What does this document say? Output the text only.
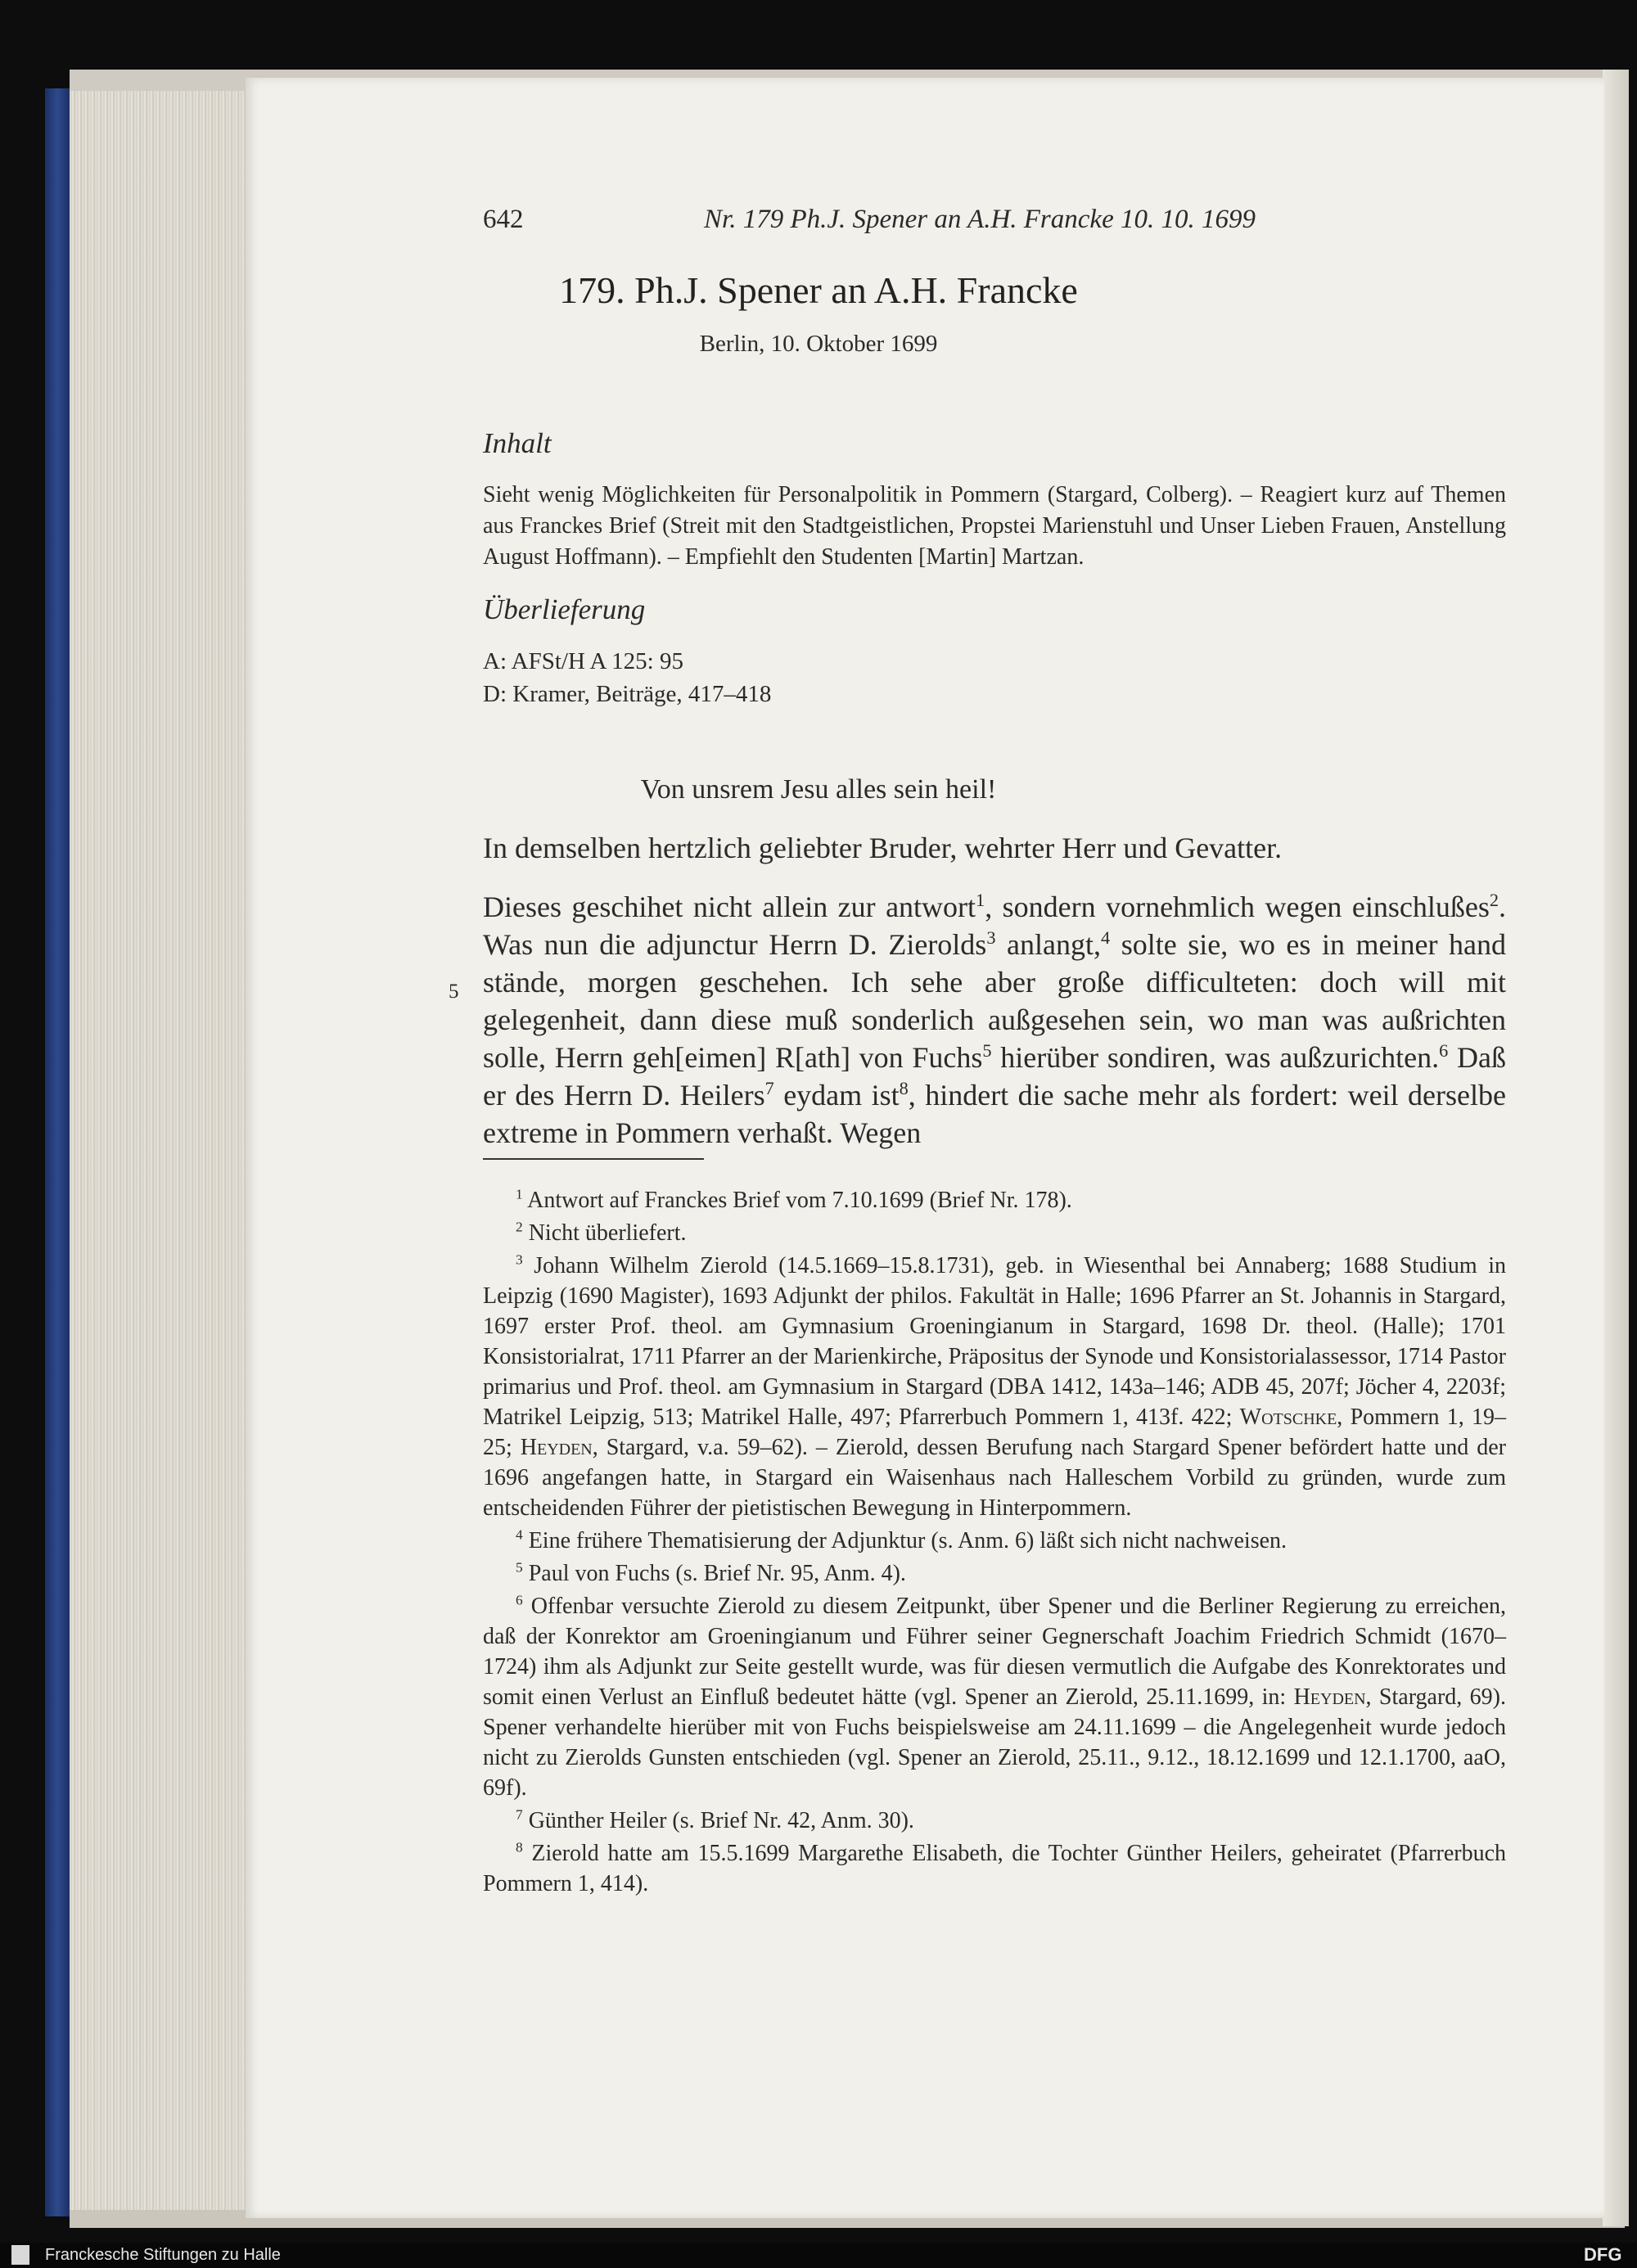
642	Nr. 179 Ph.J. Spener an A.H. Francke 10. 10. 1699
179. Ph.J. Spener an A.H. Francke
Berlin, 10. Oktober 1699
Inhalt
Sieht wenig Möglichkeiten für Personalpolitik in Pommern (Stargard, Colberg). – Reagiert kurz auf Themen aus Franckes Brief (Streit mit den Stadtgeistlichen, Propstei Marienstuhl und Unser Lieben Frauen, Anstellung August Hoffmann). – Empfiehlt den Studenten [Martin] Martzan.
Überlieferung
A: AFSt/H A 125: 95
D: Kramer, Beiträge, 417–418
Von unsrem Jesu alles sein heil!
In demselben hertzlich geliebter Bruder, wehrter Herr und Gevatter.

Dieses geschihet nicht allein zur antwort$^1$, sondern vornehmlich wegen einschlußes$^2$. Was nun die adjunctur Herrn D. Zierolds$^3$ anlangt,$^4$ solte sie, wo es in meiner hand stände, morgen geschehen. Ich sehe aber große difficulteten: doch will mit gelegenheit, dann diese muß sonderlich außgesehen sein, wo man was außrichten solle, Herrn geh[eimen] R[ath] von Fuchs$^5$ hierüber sondiren, was außzurichten.$^6$ Daß er des Herrn D. Heilers$^7$ eydam ist$^8$, hindert die sache mehr als fordert: weil derselbe extreme in Pommern verhaßt. Wegen

5

$^1$ Antwort auf Franckes Brief vom 7.10.1699 (Brief Nr. 178).

$^2$ Nicht überliefert.

$^3$ Johann Wilhelm Zierold (14.5.1669–15.8.1731), geb. in Wiesenthal bei Annaberg; 1688 Studium in Leipzig (1690 Magister), 1693 Adjunkt der philos. Fakultät in Halle; 1696 Pfarrer an St. Johannis in Stargard, 1697 erster Prof. theol. am Gymnasium Groeningianum in Stargard, 1698 Dr. theol. (Halle); 1701 Konsistorialrat, 1711 Pfarrer an der Marienkirche, Präpositus der Synode und Konsistorialassessor, 1714 Pastor primarius und Prof. theol. am Gymnasium in Stargard (DBA 1412, 143a–146; ADB 45, 207f; Jöcher 4, 2203f; Matrikel Leipzig, 513; Matrikel Halle, 497; Pfarrerbuch Pommern 1, 413f. 422; Wotschke, Pommern 1, 19–25; Heyden, Stargard, v.a. 59–62). – Zierold, dessen Berufung nach Stargard Spener befördert hatte und der 1696 angefangen hatte, in Stargard ein Waisenhaus nach Halleschem Vorbild zu gründen, wurde zum entscheidenden Führer der pietistischen Bewegung in Hinterpommern.

$^4$ Eine frühere Thematisierung der Adjunktur (s. Anm. 6) läßt sich nicht nachweisen.

$^5$ Paul von Fuchs (s. Brief Nr. 95, Anm. 4).

$^6$ Offenbar versuchte Zierold zu diesem Zeitpunkt, über Spener und die Berliner Regierung zu erreichen, daß der Konrektor am Groeningianum und Führer seiner Gegnerschaft Joachim Friedrich Schmidt (1670–1724) ihm als Adjunkt zur Seite gestellt wurde, was für diesen vermutlich die Aufgabe des Konrektorates und somit einen Verlust an Einfluß bedeutet hätte (vgl. Spener an Zierold, 25.11.1699, in: Heyden, Stargard, 69). Spener verhandelte hierüber mit von Fuchs beispielsweise am 24.11.1699 – die Angelegenheit wurde jedoch nicht zu Zierolds Gunsten entschieden (vgl. Spener an Zierold, 25.11., 9.12., 18.12.1699 und 12.1.1700, aaO, 69f).

$^7$ Günther Heiler (s. Brief Nr. 42, Anm. 30).

$^8$ Zierold hatte am 15.5.1699 Margarethe Elisabeth, die Tochter Günther Heilers, geheiratet (Pfarrerbuch Pommern 1, 414).

Franckesche Stiftungen zu Halle	DFG
